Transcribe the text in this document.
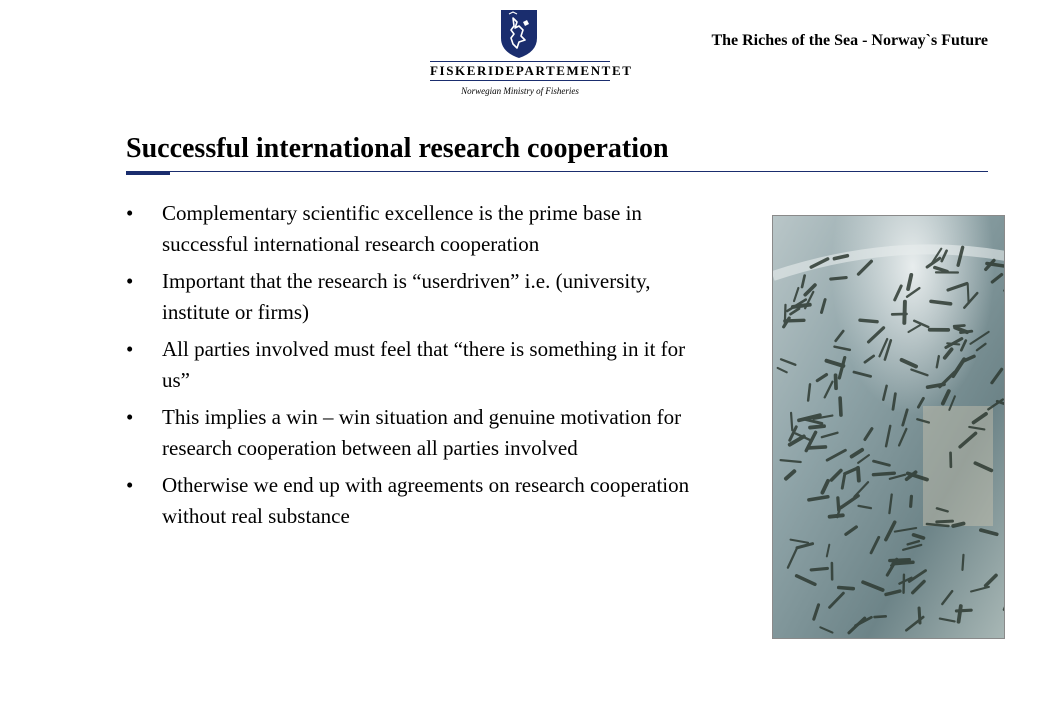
The Riches of the Sea - Norway`s Future
FISKERIDEPARTEMENTET
Norwegian Ministry of Fisheries
Successful international research cooperation
• Complementary scientific excellence is the prime base in successful international research cooperation
• Important that the research is “userdriven” i.e. (university, institute or firms)
• All parties involved must feel that “there is something in it for us”
• This implies a win – win situation and genuine motivation for research cooperation between all parties involved
• Otherwise we end up with agreements on research cooperation without real substance
